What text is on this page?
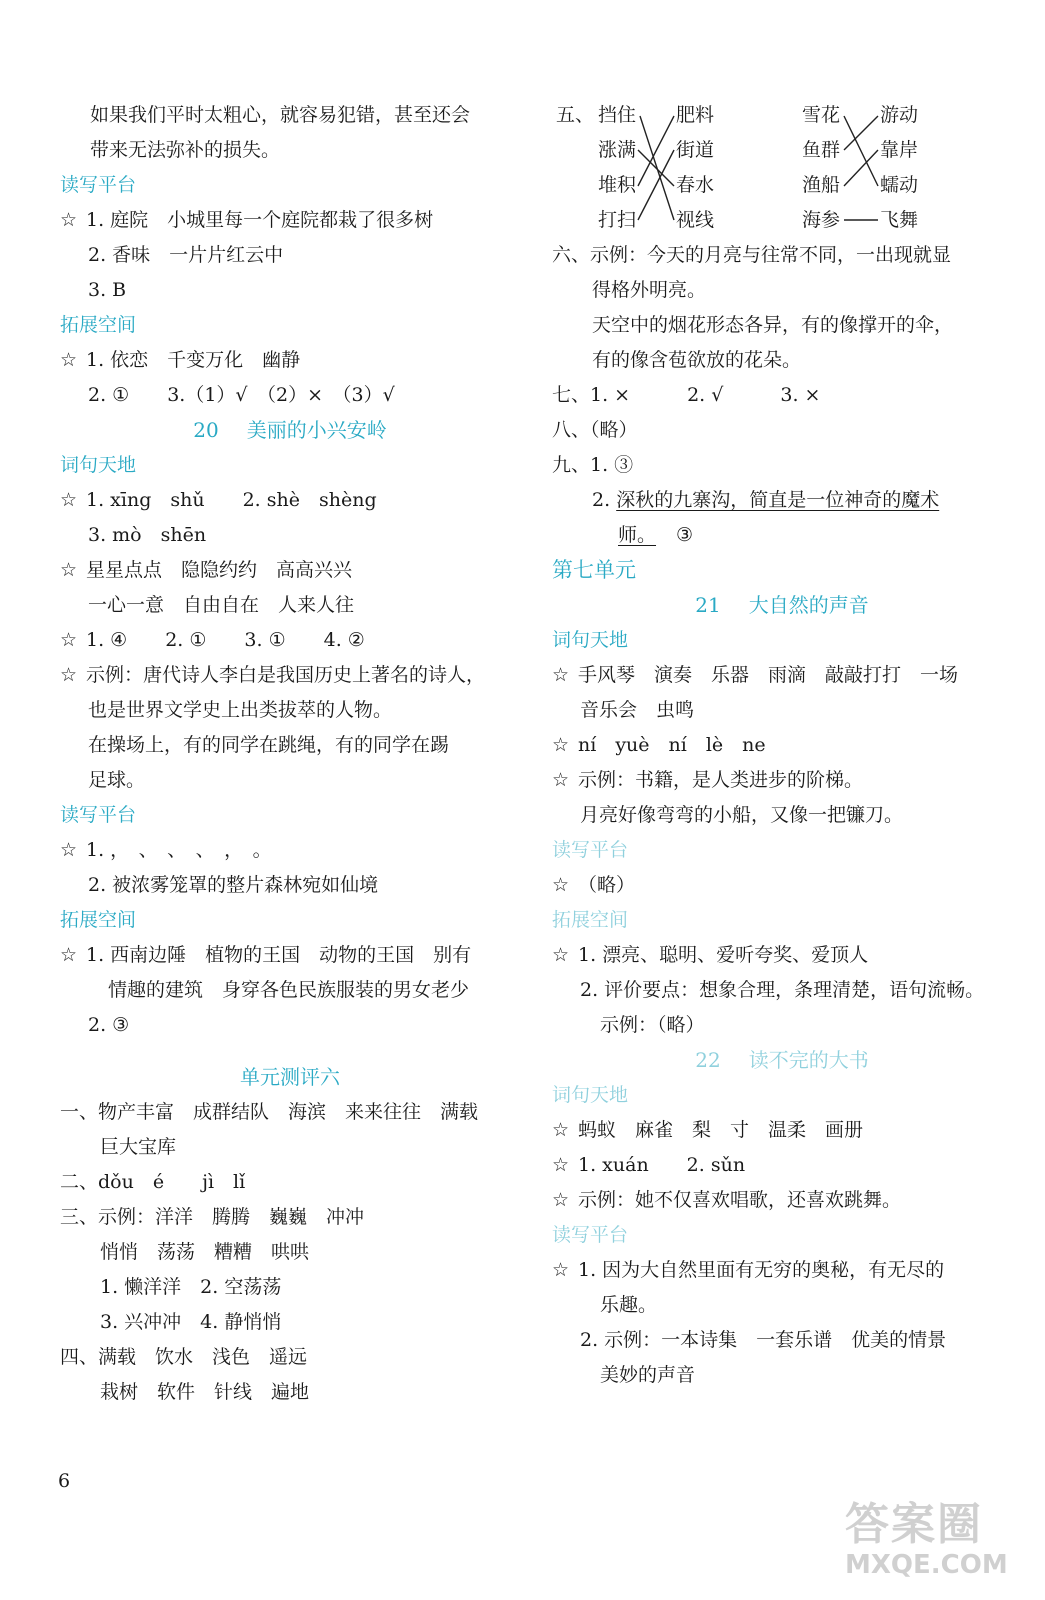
如果我们平时太粗心，就容易犯错，甚至还会
带来无法弥补的损失。
读写平台
☆ 1. 庭院　小城里每一个庭院都栽了很多树
2. 香味　一片片红云中
3. B
拓展空间
☆ 1. 依恋　千变万化　幽静
2. ①　　3.（1）√　（2）×　（3）√
20 美丽的小兴安岭
词句天地
☆ 1. xīng　shǔ　　2. shè　shèng
3. mò　shēn
☆ 星星点点　隐隐约约　高高兴兴
一心一意　自由自在　人来人往
☆ 1. ④　　2. ①　　3. ①　　4. ②
☆ 示例：唐代诗人李白是我国历史上著名的诗人，
也是世界文学史上出类拔萃的人物。
在操场上，有的同学在跳绳，有的同学在踢
足球。
读写平台
☆ 1. ，　、　、　、　，　。
2. 被浓雾笼罩的整片森林宛如仙境
拓展空间
☆ 1. 西南边陲　植物的王国　动物的王国　别有
情趣的建筑　身穿各色民族服装的男女老少
2. ③
单元测评六
一、物产丰富　成群结队　海滨　来来往往　满载
巨大宝库
二、dǒu　é　　jì　lǐ
三、示例：洋洋　腾腾　巍巍　冲冲
悄悄　荡荡　糟糟　哄哄
1. 懒洋洋　2. 空荡荡
3. 兴冲冲　4. 静悄悄
四、满载　饮水　浅色　遥远
栽树　软件　针线　遍地
五、 挡住 肥料	雪花 游动
涨满 街道	鱼群 靠岸
堆积 春水	渔船 蠕动
打扫 视线	海参 飞舞
六、示例：今天的月亮与往常不同，一出现就显
得格外明亮。
天空中的烟花形态各异，有的像撑开的伞，
有的像含苞欲放的花朵。
七、1. ×　　　2. √　　　3. ×
八、（略）
九、1. ③
2. 深秋的九寨沟，简直是一位神奇的魔术
师。 ③
第七单元
21 大自然的声音
词句天地
☆ 手风琴　演奏　乐器　雨滴　敲敲打打　一场
音乐会　虫鸣
☆ ní　yuè　ní　lè　ne
☆ 示例：书籍，是人类进步的阶梯。
月亮好像弯弯的小船，又像一把镰刀。
读写平台
☆ （略）
拓展空间
☆ 1. 漂亮、聪明、爱听夸奖、爱顶人
2. 评价要点：想象合理，条理清楚，语句流畅。
示例：（略）
22 读不完的大书
词句天地
☆ 蚂蚁　麻雀　梨　寸　温柔　画册
☆ 1. xuán　　2. sǔn
☆ 示例：她不仅喜欢唱歌，还喜欢跳舞。
读写平台
☆ 1. 因为大自然里面有无穷的奥秘，有无尽的
乐趣。
2. 示例：一本诗集　一套乐谱　优美的情景
美妙的声音
6
答案圈
MXQE.COM
